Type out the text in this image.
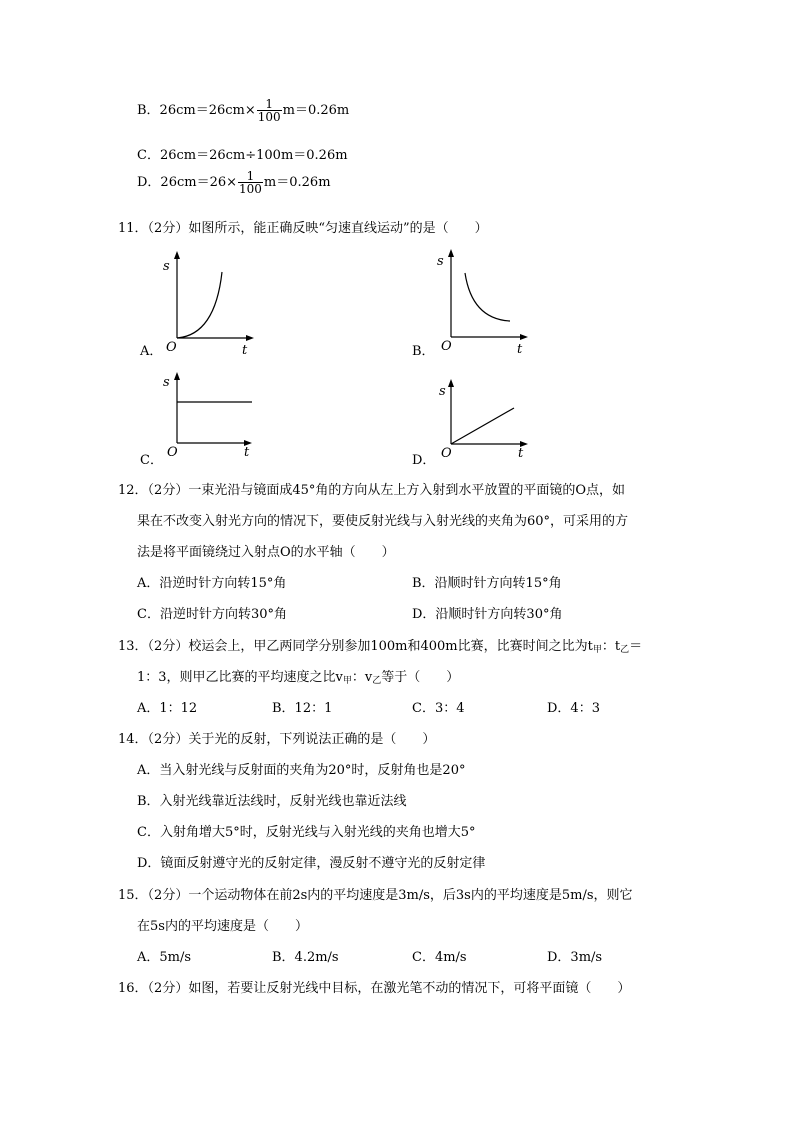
B．$26cm=26cm\times \frac{1}{100} m=0.26m$
C．26cm＝26cm÷100m＝0.26m
D．$26cm=26\times \frac{1}{100} m=0.26m$
11．（2分）如图所示，能正确反映“匀速直线运动”的是（　　）
A．
s
t
O	B．
s
t
O
C．
s
t
O
D．
s
t
O
12．（2分）一束光沿与镜面成45°角的方向从左上方入射到水平放置的平面镜的O点，如
果在不改变入射光方向的情况下，要使反射光线与入射光线的夹角为60°，可采用的方
法是将平面镜绕过入射点O的水平轴（　　）
A．沿逆时针方向转15°角	B．沿顺时针方向转15°角
C．沿逆时针方向转30°角	D．沿顺时针方向转30°角
13．（2分）校运会上，甲乙两同学分别参加100m和400m比赛，比赛时间之比为$t_甲$：$t_乙=$
1：3，则甲乙比赛的平均速度之比$v_甲$：$v_乙$等于（　　）
A．1：12	B．12：1	C．3：4	D．4：3
14．（2分）关于光的反射，下列说法正确的是（　　）
A．当入射光线与反射面的夹角为20°时，反射角也是20°
B．入射光线靠近法线时，反射光线也靠近法线
C．入射角增大5°时，反射光线与入射光线的夹角也增大5°
D．镜面反射遵守光的反射定律，漫反射不遵守光的反射定律
15．（2分）一个运动物体在前2s内的平均速度是3m/s，后3s内的平均速度是5m/s，则它
在5s内的平均速度是（　　）
A．5m/s	B．4.2m/s	C．4m/s	D．3m/s
16．（2分）如图，若要让反射光线中目标，在激光笔不动的情况下，可将平面镜（　　）
